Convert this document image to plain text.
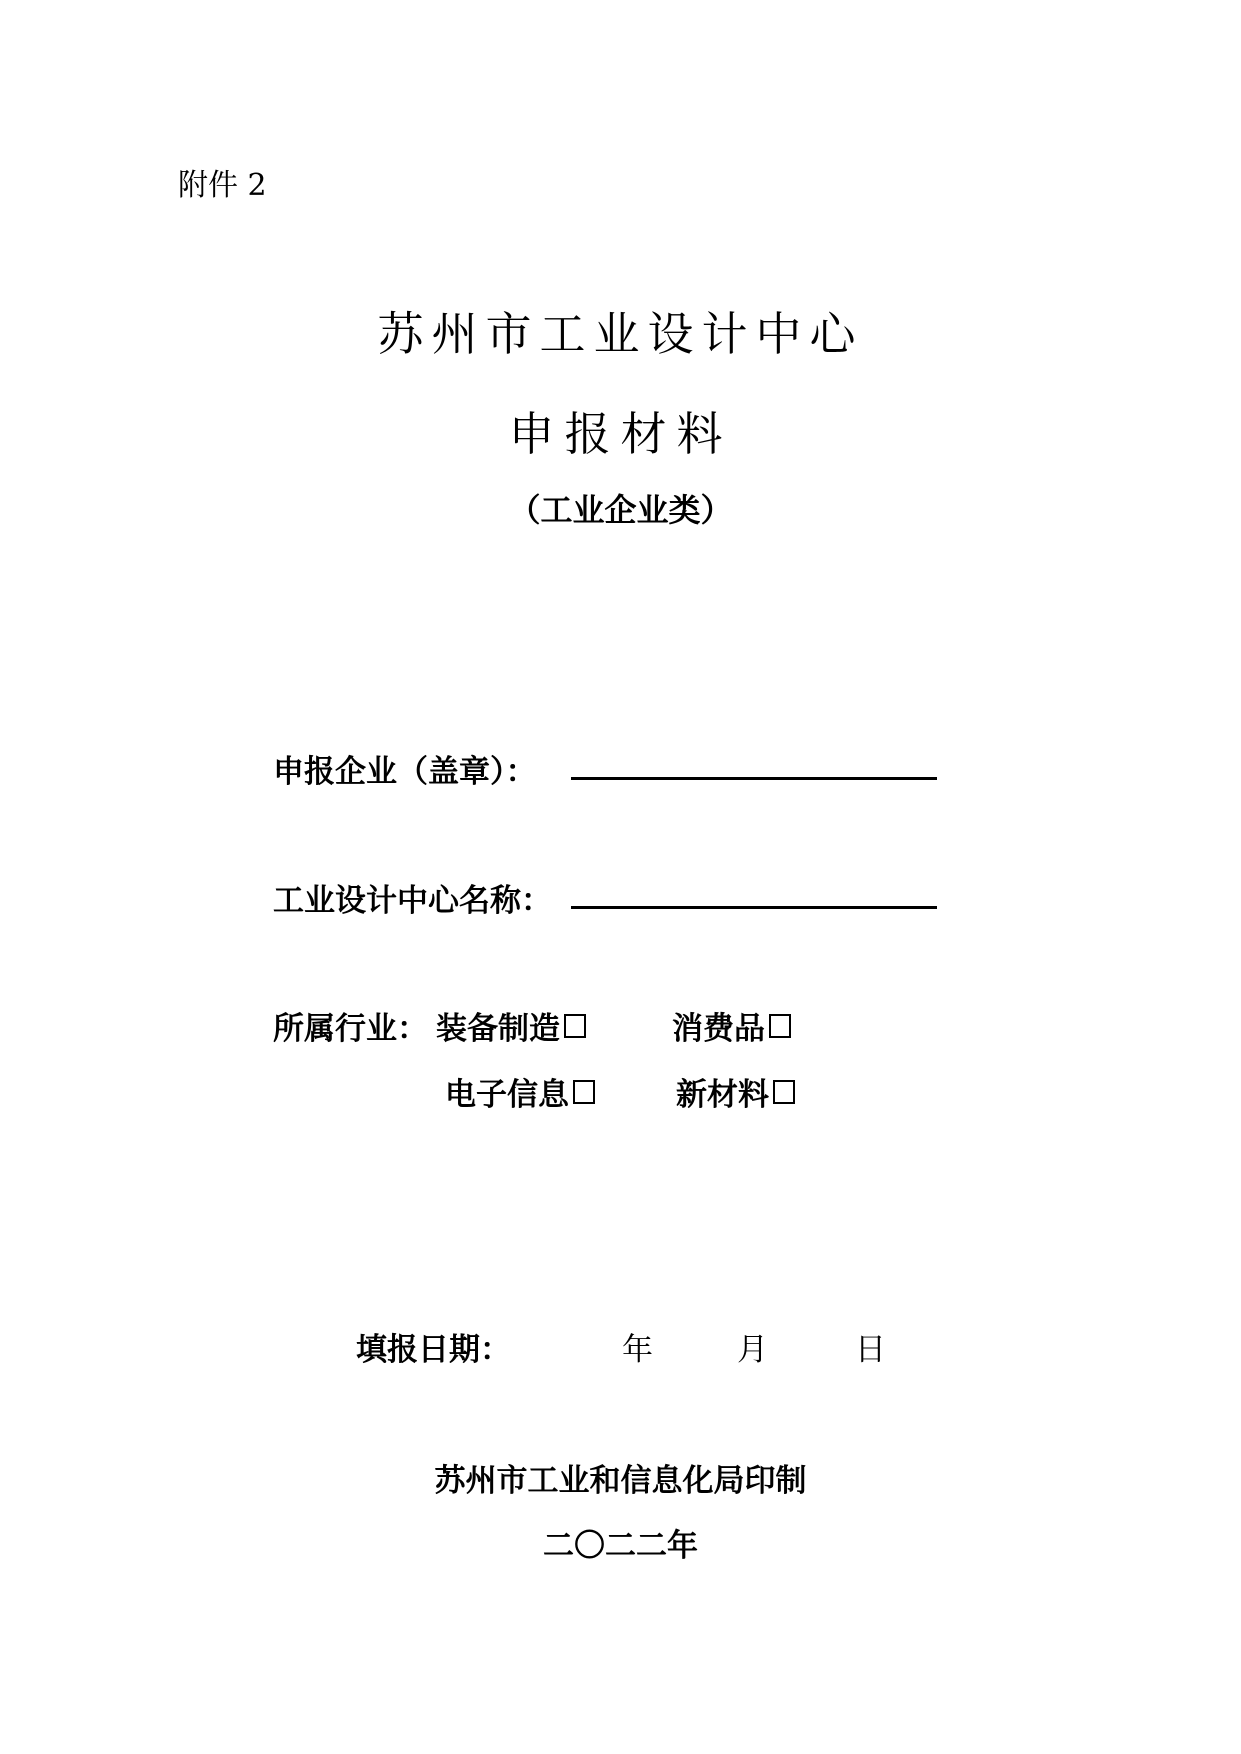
附件 2
苏州市工业设计中心
申报材料
（工业企业类）
申报企业（盖章）：
工业设计中心名称：
所属行业： 装备制造	消费品
电子信息	新材料
填报日期：	年	月	日
苏州市工业和信息化局印制
二〇二二年
